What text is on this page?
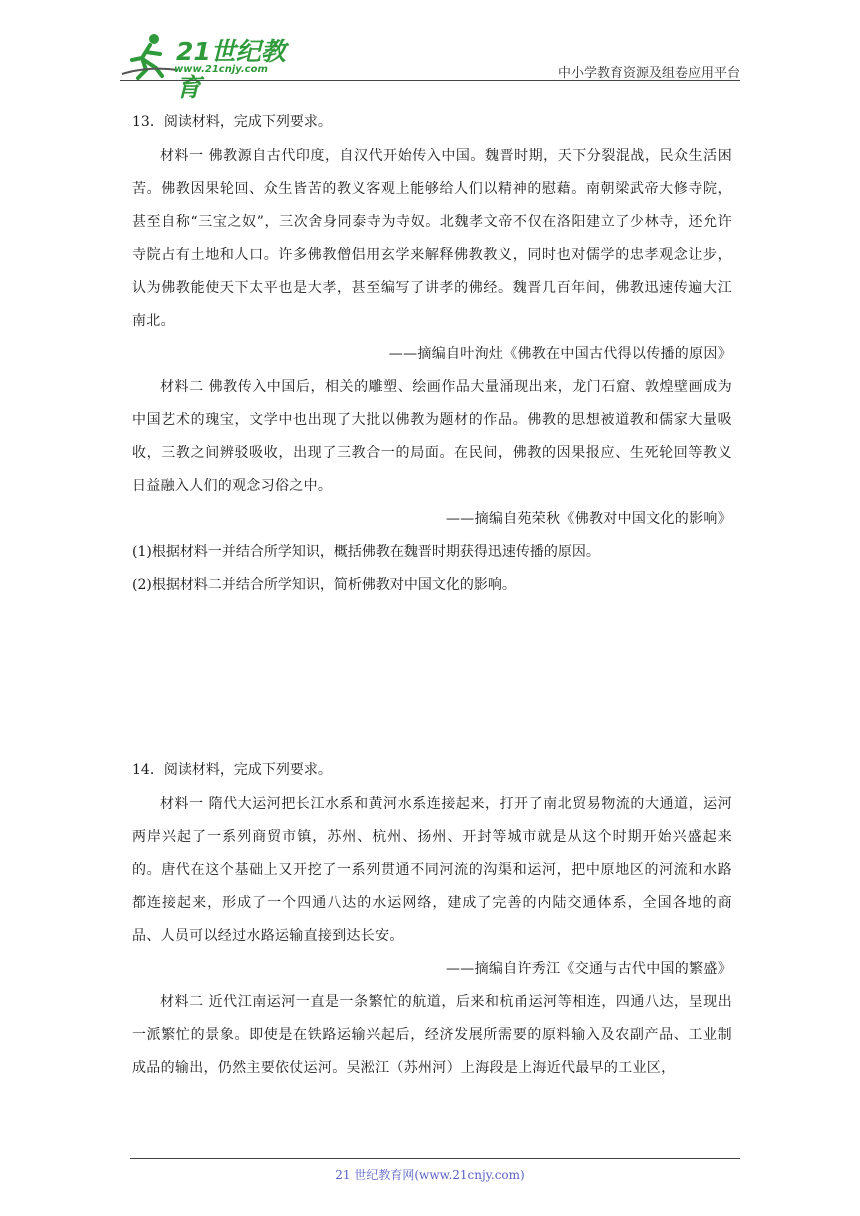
21世纪教育
www.21cnjy.com	中小学教育资源及组卷应用平台

13．阅读材料，完成下列要求。

材料一 佛教源自古代印度，自汉代开始传入中国。魏晋时期，天下分裂混战，民众生活困苦。佛教因果轮回、众生皆苦的教义客观上能够给人们以精神的慰藉。南朝梁武帝大修寺院，甚至自称“三宝之奴”，三次舍身同泰寺为寺奴。北魏孝文帝不仅在洛阳建立了少林寺，还允许寺院占有土地和人口。许多佛教僧侣用玄学来解释佛教教义，同时也对儒学的忠孝观念让步，认为佛教能使天下太平也是大孝，甚至编写了讲孝的佛经。魏晋几百年间，佛教迅速传遍大江南北。

——摘编自叶洵灶《佛教在中国古代得以传播的原因》

材料二 佛教传入中国后，相关的雕塑、绘画作品大量涌现出来，龙门石窟、敦煌壁画成为中国艺术的瑰宝，文学中也出现了大批以佛教为题材的作品。佛教的思想被道教和儒家大量吸收，三教之间辨驳吸收，出现了三教合一的局面。在民间，佛教的因果报应、生死轮回等教义日益融入人们的观念习俗之中。

——摘编自苑荣秋《佛教对中国文化的影响》

(1)根据材料一并结合所学知识，概括佛教在魏晋时期获得迅速传播的原因。

(2)根据材料二并结合所学知识，简析佛教对中国文化的影响。

14．阅读材料，完成下列要求。

材料一 隋代大运河把长江水系和黄河水系连接起来，打开了南北贸易物流的大通道，运河两岸兴起了一系列商贸市镇，苏州、杭州、扬州、开封等城市就是从这个时期开始兴盛起来的。唐代在这个基础上又开挖了一系列贯通不同河流的沟渠和运河，把中原地区的河流和水路都连接起来，形成了一个四通八达的水运网络，建成了完善的内陆交通体系，全国各地的商品、人员可以经过水路运输直接到达长安。

——摘编自许秀江《交通与古代中国的繁盛》

材料二 近代江南运河一直是一条繁忙的航道，后来和杭甬运河等相连，四通八达，呈现出一派繁忙的景象。即使是在铁路运输兴起后，经济发展所需要的原料输入及农副产品、工业制成品的输出，仍然主要依仗运河。吴淞江（苏州河）上海段是上海近代最早的工业区，

21 世纪教育网(www.21cnjy.com)
